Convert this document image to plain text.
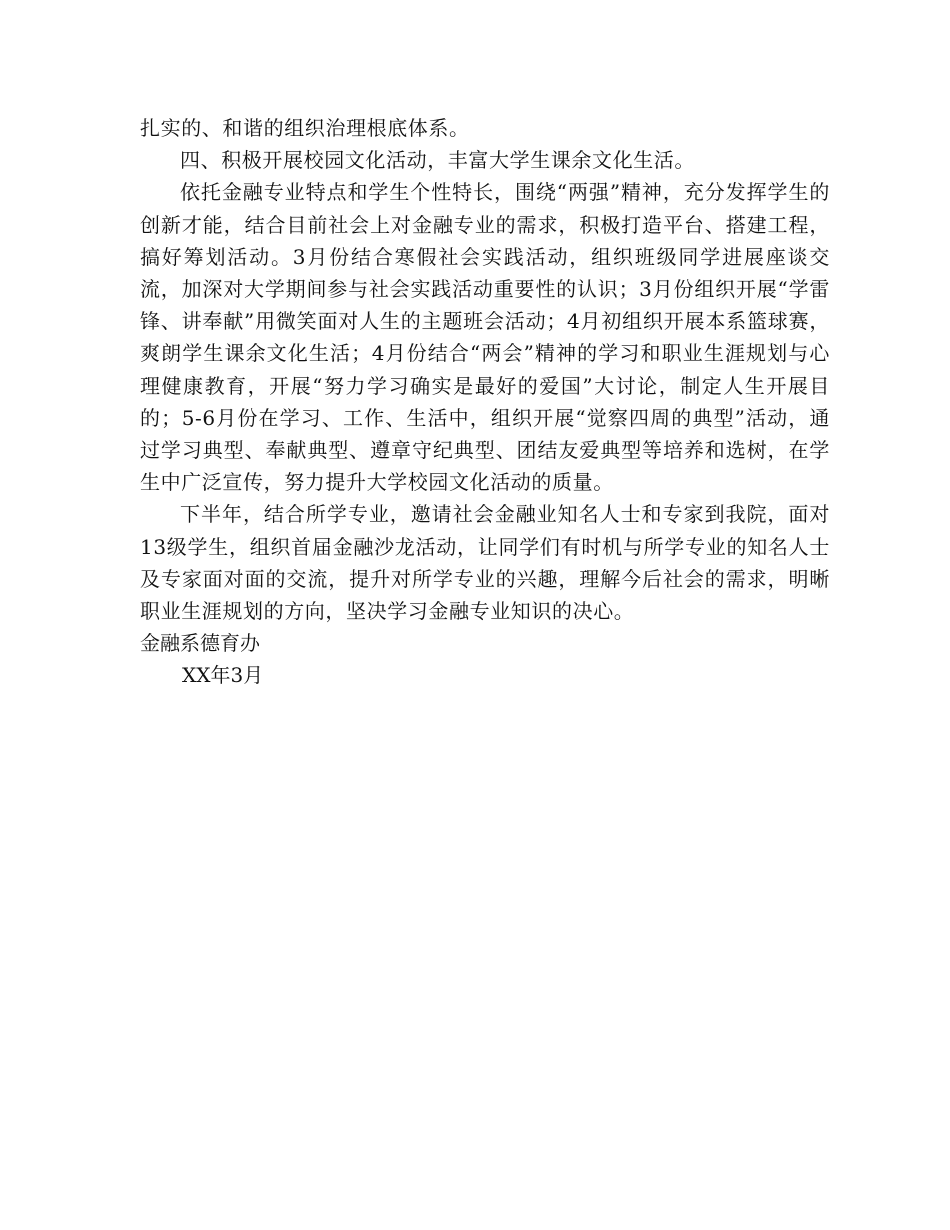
扎实的、和谐的组织治理根底体系。

四、积极开展校园文化活动，丰富大学生课余文化生活。

依托金融专业特点和学生个性特长，围绕“两强”精神，充分发挥学生的创新才能，结合目前社会上对金融专业的需求，积极打造平台、搭建工程，搞好筹划活动。3月份结合寒假社会实践活动，组织班级同学进展座谈交流，加深对大学期间参与社会实践活动重要性的认识；3月份组织开展“学雷锋、讲奉献”用微笑面对人生的主题班会活动；4月初组织开展本系篮球赛，爽朗学生课余文化生活；4月份结合“两会”精神的学习和职业生涯规划与心理健康教育，开展“努力学习确实是最好的爱国”大讨论，制定人生开展目的；5-6月份在学习、工作、生活中，组织开展“觉察四周的典型”活动，通过学习典型、奉献典型、遵章守纪典型、团结友爱典型等培养和选树，在学生中广泛宣传，努力提升大学校园文化活动的质量。

下半年，结合所学专业，邀请社会金融业知名人士和专家到我院，面对13级学生，组织首届金融沙龙活动，让同学们有时机与所学专业的知名人士及专家面对面的交流，提升对所学专业的兴趣，理解今后社会的需求，明晰职业生涯规划的方向，坚决学习金融专业知识的决心。

金融系德育办

XX年3月
